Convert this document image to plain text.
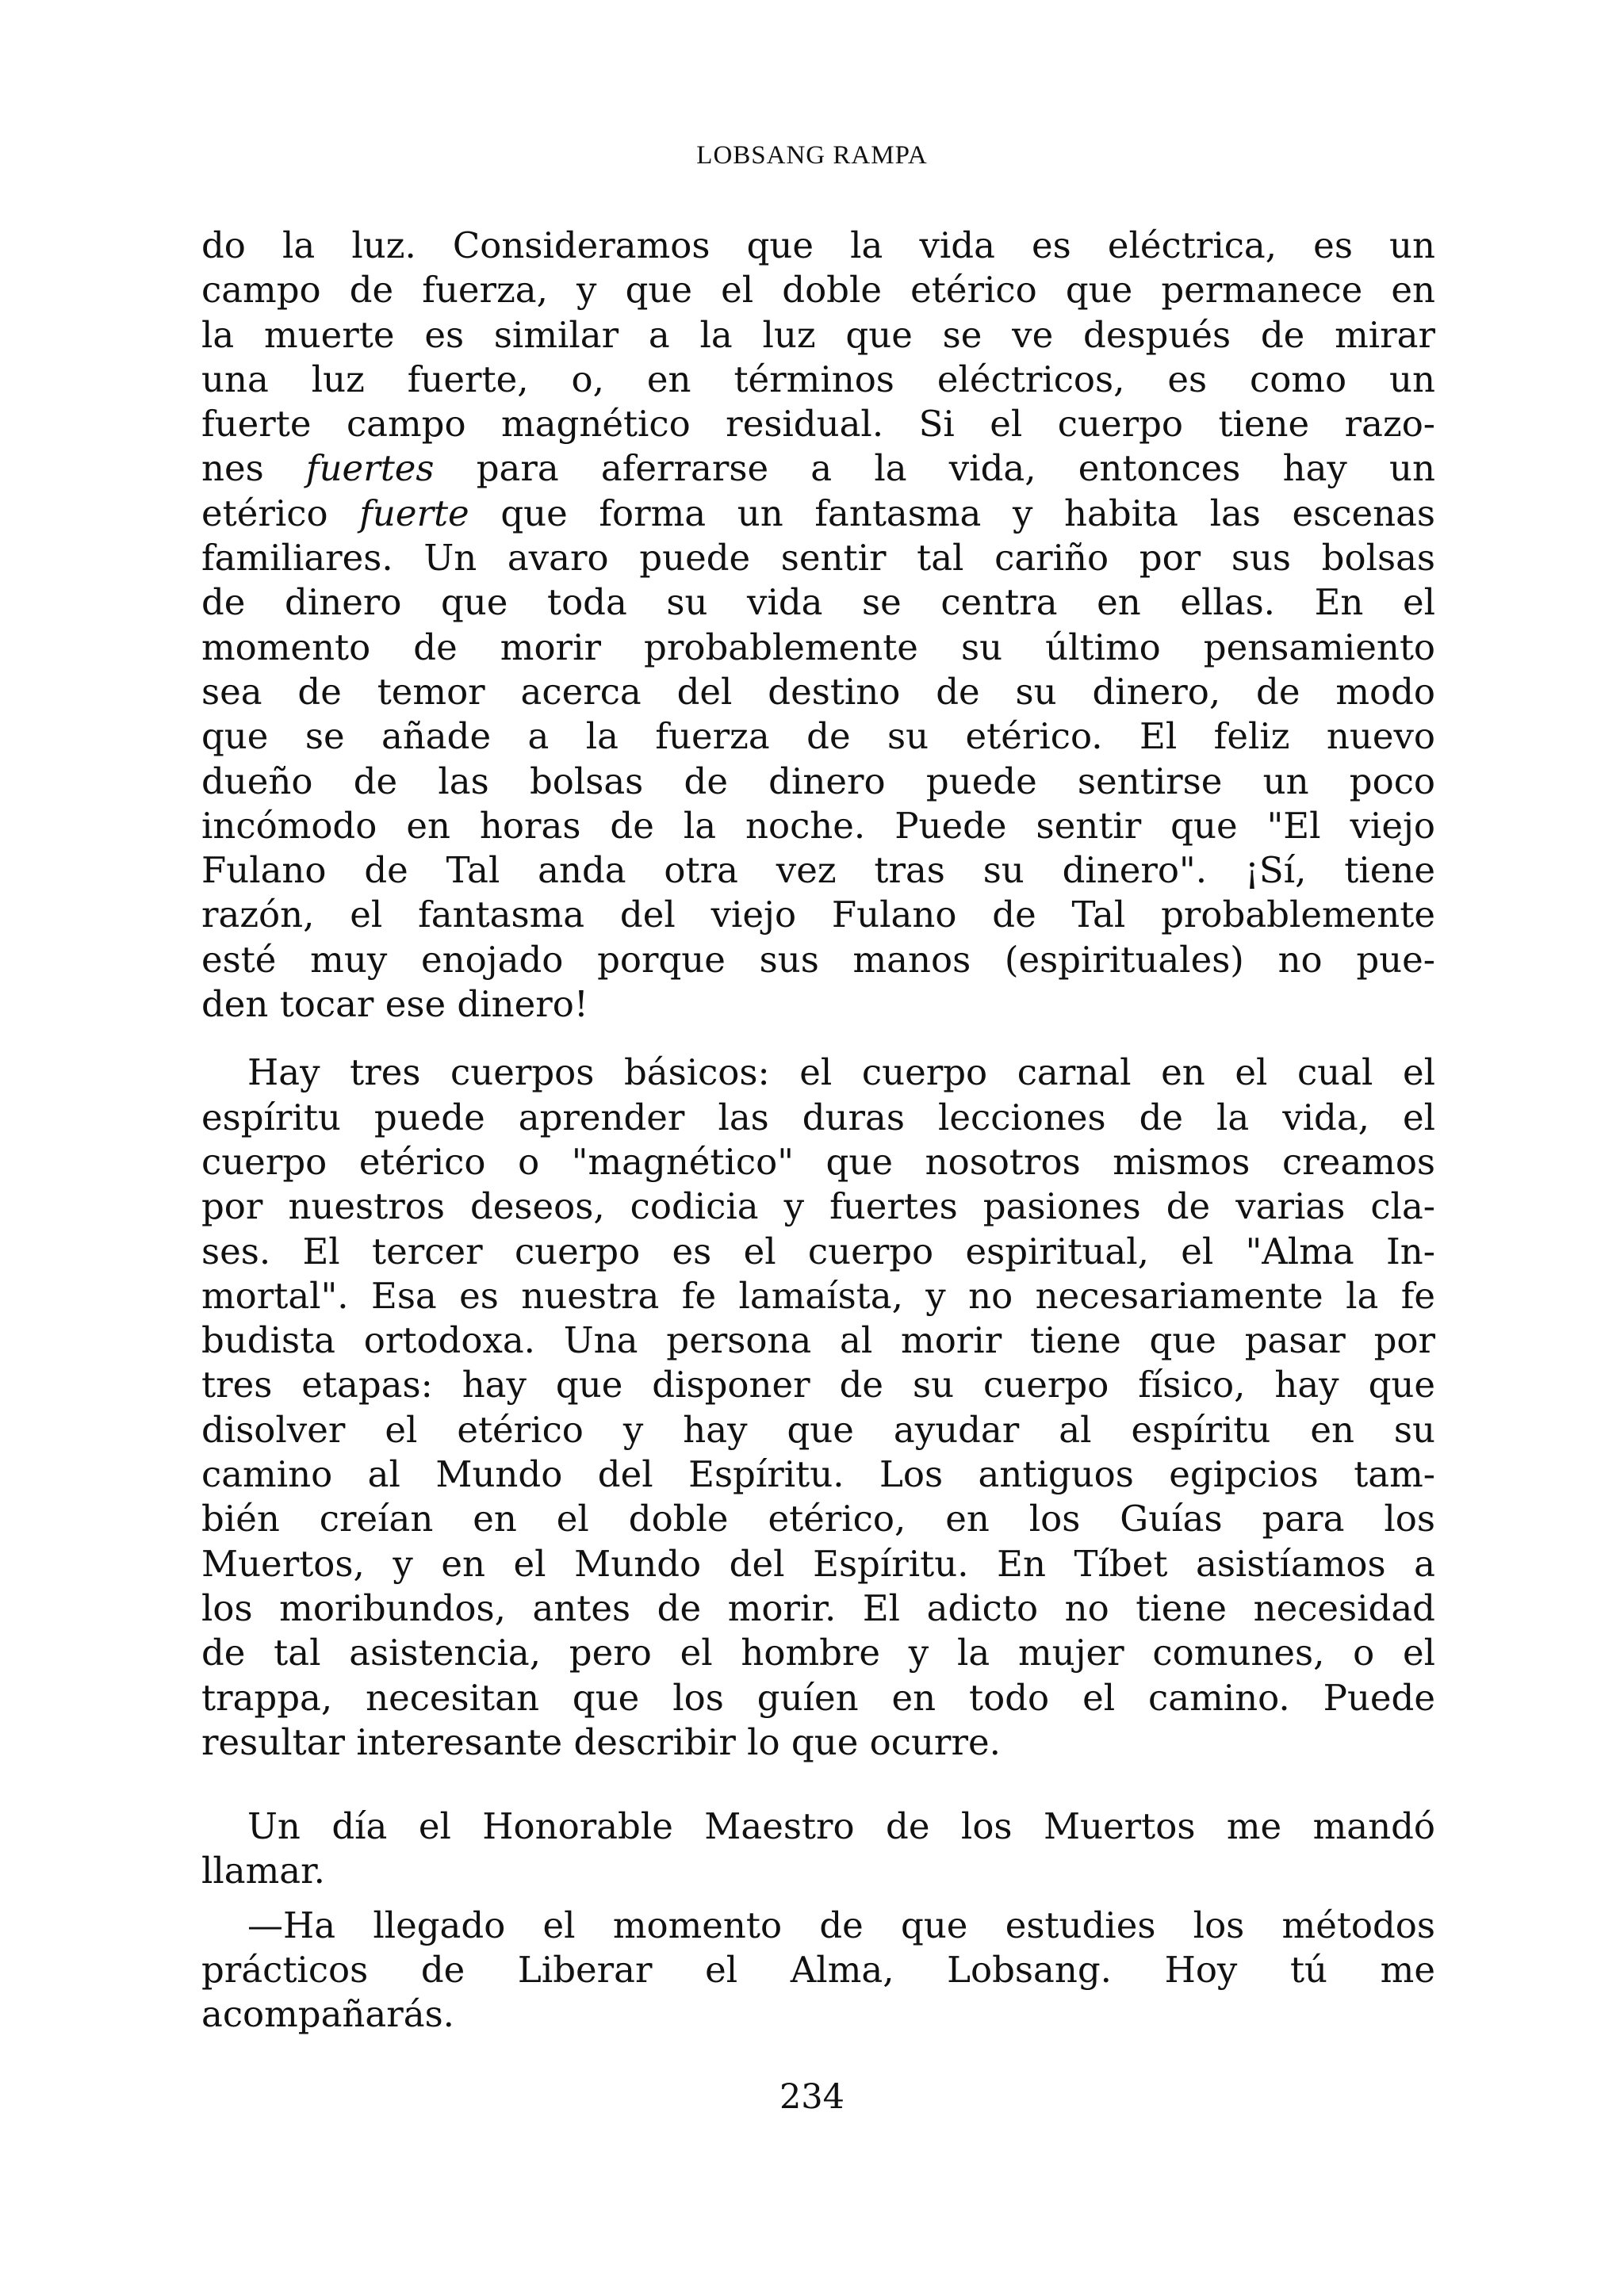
LOBSANG RAMPA
do la luz. Consideramos que la vida es eléctrica, es un
campo de fuerza, y que el doble etérico que permanece en
la muerte es similar a la luz que se ve después de mirar
una luz fuerte, o, en términos eléctricos, es como un
fuerte campo magnético residual. Si el cuerpo tiene razo-
nes fuertes para aferrarse a la vida, entonces hay un
etérico fuerte que forma un fantasma y habita las escenas
familiares. Un avaro puede sentir tal cariño por sus bolsas
de dinero que toda su vida se centra en ellas. En el
momento de morir probablemente su último pensamiento
sea de temor acerca del destino de su dinero, de modo
que se añade a la fuerza de su etérico. El feliz nuevo
dueño de las bolsas de dinero puede sentirse un poco
incómodo en horas de la noche. Puede sentir que "El viejo
Fulano de Tal anda otra vez tras su dinero". ¡Sí, tiene
razón, el fantasma del viejo Fulano de Tal probablemente
esté muy enojado porque sus manos (espirituales) no pue-
den tocar ese dinero!
Hay tres cuerpos básicos: el cuerpo carnal en el cual el
espíritu puede aprender las duras lecciones de la vida, el
cuerpo etérico o "magnético" que nosotros mismos creamos
por nuestros deseos, codicia y fuertes pasiones de varias cla-
ses. El tercer cuerpo es el cuerpo espiritual, el "Alma In-
mortal". Esa es nuestra fe lamaísta, y no necesariamente la fe
budista ortodoxa. Una persona al morir tiene que pasar por
tres etapas: hay que disponer de su cuerpo físico, hay que
disolver el etérico y hay que ayudar al espíritu en su
camino al Mundo del Espíritu. Los antiguos egipcios tam-
bién creían en el doble etérico, en los Guías para los
Muertos, y en el Mundo del Espíritu. En Tíbet asistíamos a
los moribundos, antes de morir. El adicto no tiene necesidad
de tal asistencia, pero el hombre y la mujer comunes, o el
trappa, necesitan que los guíen en todo el camino. Puede
resultar interesante describir lo que ocurre.
Un día el Honorable Maestro de los Muertos me mandó
llamar.
—Ha llegado el momento de que estudies los métodos
prácticos de Liberar el Alma, Lobsang. Hoy tú me
acompañarás.
234
